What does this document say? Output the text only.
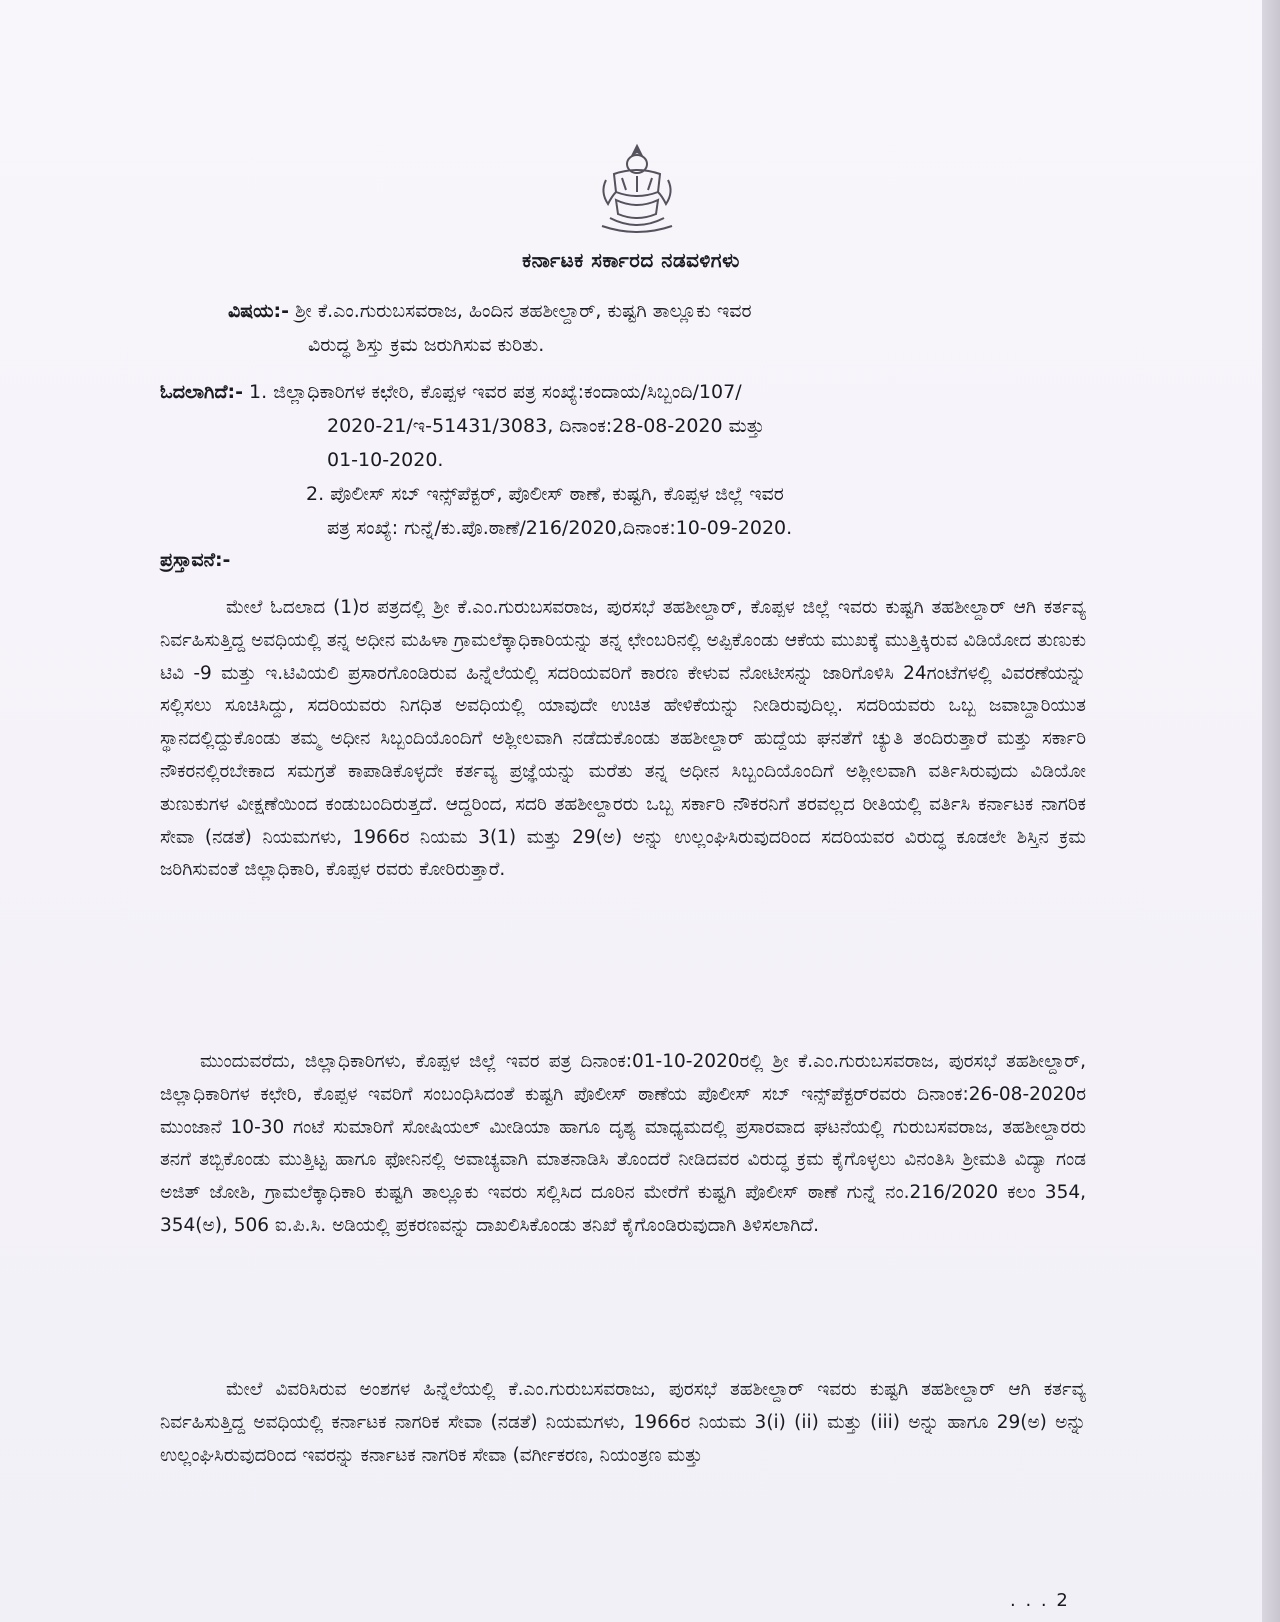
ಕರ್ನಾಟಕ ಸರ್ಕಾರದ ನಡವಳಿಗಳು
ವಿಷಯ:- ಶ್ರೀ ಕೆ.ಎಂ.ಗುರುಬಸವರಾಜ, ಹಿಂದಿನ ತಹಶೀಲ್ದಾರ್, ಕುಷ್ಟಗಿ ತಾಲ್ಲೂಕು ಇವರ
ವಿರುದ್ಧ ಶಿಸ್ತು ಕ್ರಮ ಜರುಗಿಸುವ ಕುರಿತು.
ಓದಲಾಗಿದೆ:- 1. ಜಿಲ್ಲಾಧಿಕಾರಿಗಳ ಕಛೇರಿ, ಕೊಪ್ಪಳ ಇವರ ಪತ್ರ ಸಂಖ್ಯೆ:ಕಂದಾಯ/ಸಿಬ್ಬಂದಿ/107/
2020-21/ಇ-51431/3083, ದಿನಾಂಕ:28-08-2020 ಮತ್ತು
01-10-2020.
2. ಪೊಲೀಸ್ ಸಬ್ ಇನ್ಸ್‌ಪೆಕ್ಟರ್, ಪೊಲೀಸ್ ಠಾಣೆ, ಕುಷ್ಟಗಿ, ಕೊಪ್ಪಳ ಜಿಲ್ಲೆ ಇವರ
ಪತ್ರ ಸಂಖ್ಯೆ: ಗುನ್ನೆ/ಕು.ಪೊ.ಠಾಣೆ/216/2020,ದಿನಾಂಕ:10-09-2020.
ಪ್ರಸ್ತಾವನೆ:-

ಮೇಲೆ ಓದಲಾದ (1)ರ ಪತ್ರದಲ್ಲಿ ಶ್ರೀ ಕೆ.ಎಂ.ಗುರುಬಸವರಾಜ, ಪುರಸಭೆ ತಹಶೀಲ್ದಾರ್, ಕೊಪ್ಪಳ ಜಿಲ್ಲೆ ಇವರು ಕುಷ್ಟಗಿ ತಹಶೀಲ್ದಾರ್ ಆಗಿ ಕರ್ತವ್ಯ ನಿರ್ವಹಿಸುತ್ತಿದ್ದ ಅವಧಿಯಲ್ಲಿ ತನ್ನ ಅಧೀನ ಮಹಿಳಾ ಗ್ರಾಮಲೆಕ್ಕಾಧಿಕಾರಿಯನ್ನು ತನ್ನ ಛೇಂಬರಿನಲ್ಲಿ ಅಪ್ಪಿಕೊಂಡು ಆಕೆಯ ಮುಖಕ್ಕೆ ಮುತ್ತಿಕ್ಕಿರುವ ವಿಡಿಯೋದ ತುಣುಕು ಟಿವಿ -9 ಮತ್ತು ಇ.ಟಿವಿಯಲಿ ಪ್ರಸಾರಗೊಂಡಿರುವ ಹಿನ್ನೆಲೆಯಲ್ಲಿ ಸದರಿಯವರಿಗೆ ಕಾರಣ ಕೇಳುವ ನೋಟೀಸನ್ನು ಜಾರಿಗೊಳಿಸಿ 24ಗಂಟೆಗಳಲ್ಲಿ ವಿವರಣೆಯನ್ನು ಸಲ್ಲಿಸಲು ಸೂಚಿಸಿದ್ದು, ಸದರಿಯವರು ನಿಗಧಿತ ಅವಧಿಯಲ್ಲಿ ಯಾವುದೇ ಉಚಿತ ಹೇಳಿಕೆಯನ್ನು ನೀಡಿರುವುದಿಲ್ಲ. ಸದರಿಯವರು ಒಬ್ಬ ಜವಾಬ್ದಾರಿಯುತ ಸ್ಥಾನದಲ್ಲಿದ್ದುಕೊಂಡು ತಮ್ಮ ಅಧೀನ ಸಿಬ್ಬಂದಿಯೊಂದಿಗೆ ಅಶ್ಲೀಲವಾಗಿ ನಡೆದುಕೊಂಡು ತಹಶೀಲ್ದಾರ್ ಹುದ್ದೆಯ ಘನತೆಗೆ ಚ್ಯುತಿ ತಂದಿರುತ್ತಾರೆ ಮತ್ತು ಸರ್ಕಾರಿ ನೌಕರನಲ್ಲಿರಬೇಕಾದ ಸಮಗ್ರತೆ ಕಾಪಾಡಿಕೊಳ್ಳದೇ ಕರ್ತವ್ಯ ಪ್ರಜ್ಞೆಯನ್ನು ಮರೆತು ತನ್ನ ಅಧೀನ ಸಿಬ್ಬಂದಿಯೊಂದಿಗೆ ಅಶ್ಲೀಲವಾಗಿ ವರ್ತಿಸಿರುವುದು ವಿಡಿಯೋ ತುಣುಕುಗಳ ವೀಕ್ಷಣೆಯಿಂದ ಕಂಡುಬಂದಿರುತ್ತದೆ. ಆದ್ದರಿಂದ, ಸದರಿ ತಹಶೀಲ್ದಾರರು ಒಬ್ಬ ಸರ್ಕಾರಿ ನೌಕರನಿಗೆ ತರವಲ್ಲದ ರೀತಿಯಲ್ಲಿ ವರ್ತಿಸಿ ಕರ್ನಾಟಕ ನಾಗರಿಕ ಸೇವಾ (ನಡತೆ) ನಿಯಮಗಳು, 1966ರ ನಿಯಮ 3(1) ಮತ್ತು 29(ಅ) ಅನ್ನು ಉಲ್ಲಂಘಿಸಿರುವುದರಿಂದ ಸದರಿಯವರ ವಿರುದ್ಧ ಕೂಡಲೇ ಶಿಸ್ತಿನ ಕ್ರಮ ಜರಿಗಿಸುವಂತೆ ಜಿಲ್ಲಾಧಿಕಾರಿ, ಕೊಪ್ಪಳ ರವರು ಕೋರಿರುತ್ತಾರೆ.

ಮುಂದುವರೆದು, ಜಿಲ್ಲಾಧಿಕಾರಿಗಳು, ಕೊಪ್ಪಳ ಜಿಲ್ಲೆ ಇವರ ಪತ್ರ ದಿನಾಂಕ:01-10-2020ರಲ್ಲಿ ಶ್ರೀ ಕೆ.ಎಂ.ಗುರುಬಸವರಾಜ, ಪುರಸಭೆ ತಹಶೀಲ್ದಾರ್, ಜಿಲ್ಲಾಧಿಕಾರಿಗಳ ಕಛೇರಿ, ಕೊಪ್ಪಳ ಇವರಿಗೆ ಸಂಬಂಧಿಸಿದಂತೆ ಕುಷ್ಟಗಿ ಪೊಲೀಸ್ ಠಾಣೆಯ ಪೊಲೀಸ್ ಸಬ್ ಇನ್ಸ್‌ಪೆಕ್ಟರ್‌ರವರು ದಿನಾಂಕ:26-08-2020ರ ಮುಂಜಾನೆ 10-30 ಗಂಟೆ ಸುಮಾರಿಗೆ ಸೋಷಿಯಲ್ ಮೀಡಿಯಾ ಹಾಗೂ ದೃಶ್ಯ ಮಾಧ್ಯಮದಲ್ಲಿ ಪ್ರಸಾರವಾದ ಘಟನೆಯಲ್ಲಿ ಗುರುಬಸವರಾಜ, ತಹಶೀಲ್ದಾರರು ತನಗೆ ತಬ್ಬಿಕೊಂಡು ಮುತ್ತಿಟ್ಟ ಹಾಗೂ ಫೋನಿನಲ್ಲಿ ಅವಾಚ್ಯವಾಗಿ ಮಾತನಾಡಿಸಿ ತೊಂದರೆ ನೀಡಿದವರ ವಿರುದ್ಧ ಕ್ರಮ ಕೈಗೊಳ್ಳಲು ವಿನಂತಿಸಿ ಶ್ರೀಮತಿ ವಿದ್ಯಾ ಗಂಡ ಅಜಿತ್ ಜೋಶಿ, ಗ್ರಾಮಲೆಕ್ಕಾಧಿಕಾರಿ ಕುಷ್ಟಗಿ ತಾಲ್ಲೂಕು ಇವರು ಸಲ್ಲಿಸಿದ ದೂರಿನ ಮೇರೆಗೆ ಕುಷ್ಟಗಿ ಪೊಲೀಸ್ ಠಾಣೆ ಗುನ್ನೆ ನಂ.216/2020 ಕಲಂ 354, 354(ಅ), 506 ಐ.ಪಿ.ಸಿ. ಅಡಿಯಲ್ಲಿ ಪ್ರಕರಣವನ್ನು ದಾಖಲಿಸಿಕೊಂಡು ತನಿಖೆ ಕೈಗೊಂಡಿರುವುದಾಗಿ ತಿಳಿಸಲಾಗಿದೆ.

ಮೇಲೆ ವಿವರಿಸಿರುವ ಅಂಶಗಳ ಹಿನ್ನೆಲೆಯಲ್ಲಿ ಕೆ.ಎಂ.ಗುರುಬಸವರಾಜು, ಪುರಸಭೆ ತಹಶೀಲ್ದಾರ್ ಇವರು ಕುಷ್ಟಗಿ ತಹಶೀಲ್ದಾರ್ ಆಗಿ ಕರ್ತವ್ಯ ನಿರ್ವಹಿಸುತ್ತಿದ್ದ ಅವಧಿಯಲ್ಲಿ ಕರ್ನಾಟಕ ನಾಗರಿಕ ಸೇವಾ (ನಡತೆ) ನಿಯಮಗಳು, 1966ರ ನಿಯಮ 3(i) (ii) ಮತ್ತು (iii) ಅನ್ನು ಹಾಗೂ 29(ಅ) ಅನ್ನು ಉಲ್ಲಂಘಿಸಿರುವುದರಿಂದ ಇವರನ್ನು ಕರ್ನಾಟಕ ನಾಗರಿಕ ಸೇವಾ (ವರ್ಗೀಕರಣ, ನಿಯಂತ್ರಣ ಮತ್ತು

. . . 2
